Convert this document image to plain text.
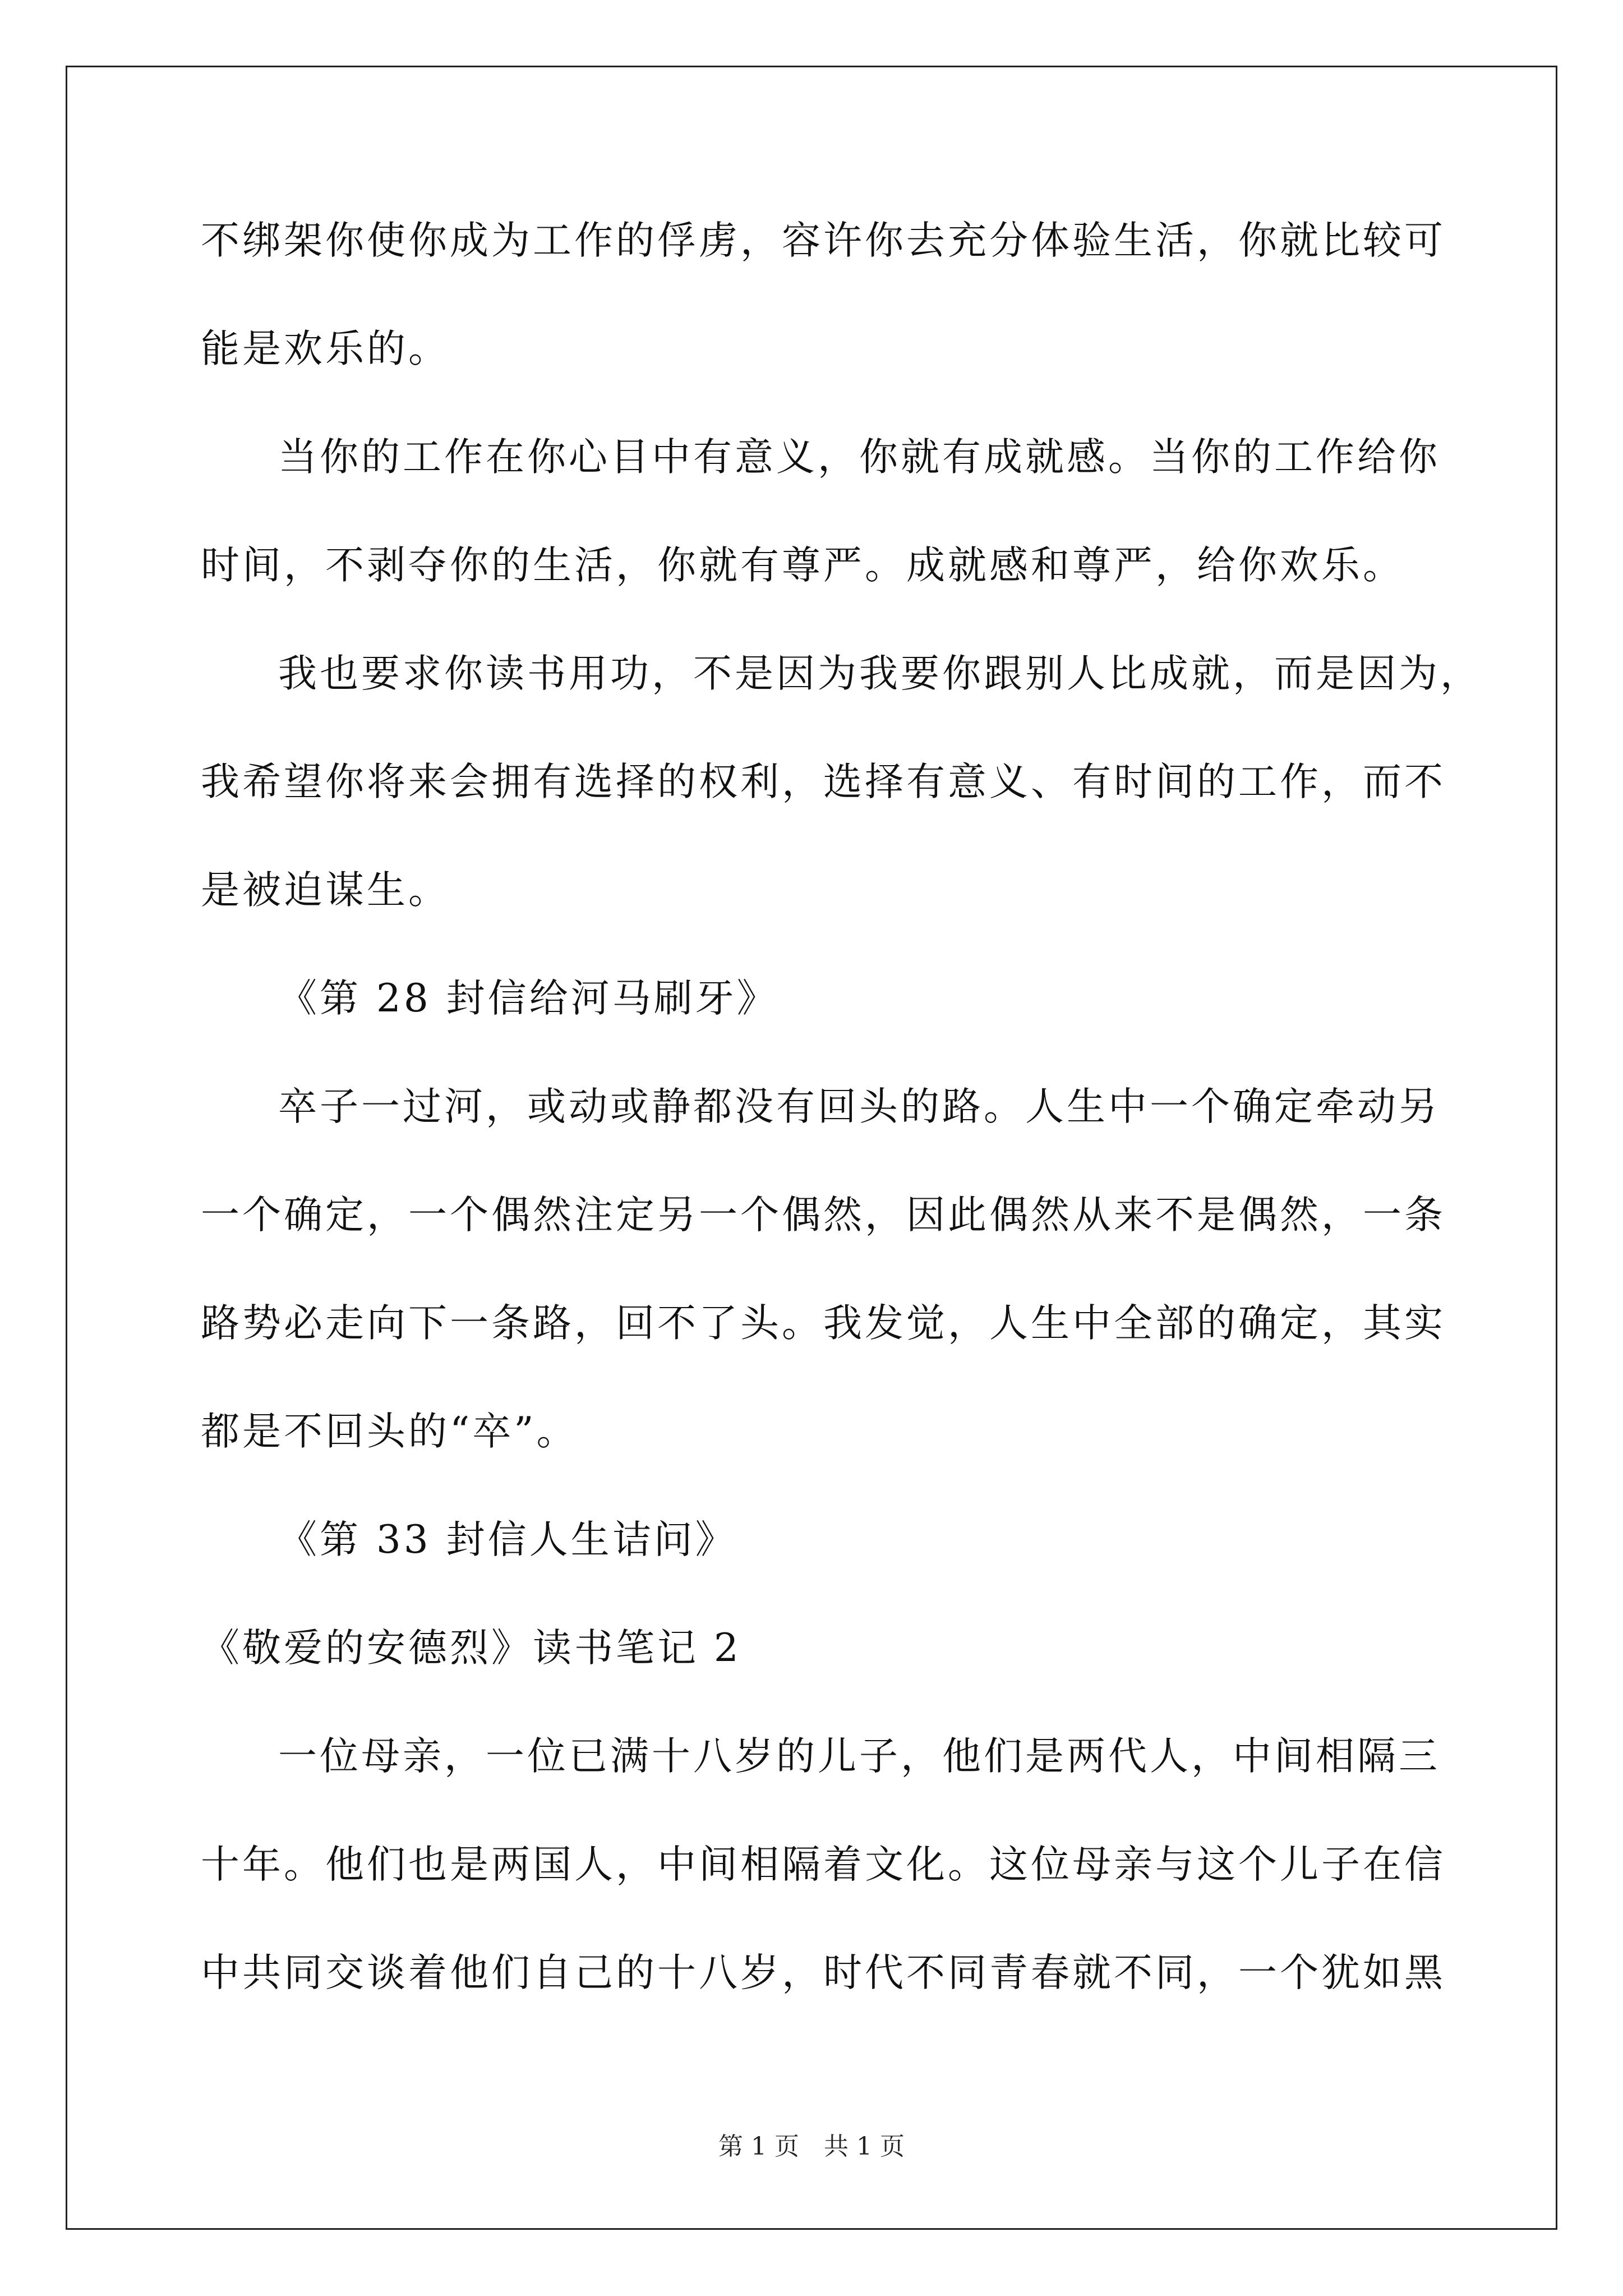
不绑架你使你成为工作的俘虏，容许你去充分体验生活，你就比较可
能是欢乐的。
当你的工作在你心目中有意义，你就有成就感。当你的工作给你
时间，不剥夺你的生活，你就有尊严。成就感和尊严，给你欢乐。
我也要求你读书用功，不是因为我要你跟别人比成就，而是因为，
我希望你将来会拥有选择的权利，选择有意义、有时间的工作，而不
是被迫谋生。
《第 28 封信给河马刷牙》
卒子一过河，或动或静都没有回头的路。人生中一个确定牵动另
一个确定，一个偶然注定另一个偶然，因此偶然从来不是偶然，一条
路势必走向下一条路，回不了头。我发觉，人生中全部的确定，其实
都是不回头的“卒”。
《第 33 封信人生诘问》
《敬爱的安德烈》读书笔记 2
一位母亲，一位已满十八岁的儿子，他们是两代人，中间相隔三
十年。他们也是两国人，中间相隔着文化。这位母亲与这个儿子在信
中共同交谈着他们自己的十八岁，时代不同青春就不同，一个犹如黑
第 1 页　共 1 页
